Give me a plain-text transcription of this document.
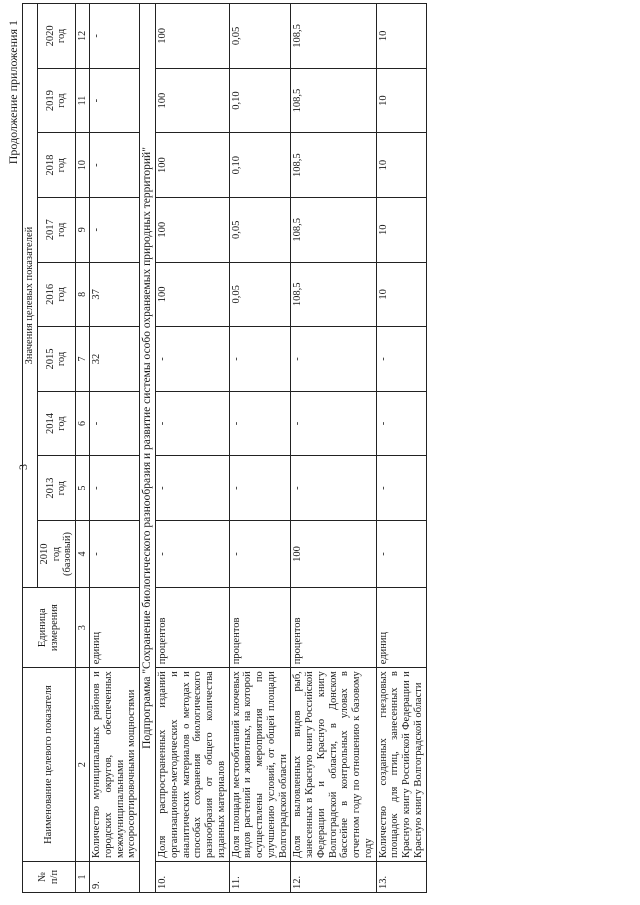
3
Продолжение приложения 1
№
п/п	Наименование целевого показателя	Единица измерения	Значения целевых показателей								
			2010
год
(базовый)	2013
год	2014
год	2015
год	2016
год	2017
год	2018
год	2019
год	2020
год
1	2	3	4	5	6	7	8	9	10	11	12
9.	Количество муниципальных районов и городских округов, обеспеченных межмуниципальными мусоросортировочными мощностями	единиц	-	-	-	32	37	-	-	-	-
Подпрограмма "Сохранение биологического разнообразия и развитие системы особо охраняемых природных территорий"											
10.	Доля распространенных изданий организационно-методических и аналитических материалов о методах и способах сохранения биологического разнообразия от общего количества изданных материалов	процентов	-	-	-	-	100	100	100	100	100
11.	Доля площади местообитаний ключевых видов растений и животных, на которой осуществлены мероприятия по улучшению условий, от общей площади Волгоградской области	процентов	-	-	-	-	0,05	0,05	0,10	0,10	0,05
12.	Доля выловленных видов рыб, занесенных в Красную книгу Российской Федерации и Красную книгу Волгоградской области, в Донском бассейне в контрольных уловах в отчетном году по отношению к базовому году	процентов	100	-	-	-	108,5	108,5	108,5	108,5	108,5
13.	Количество созданных гнездовых площадок для птиц, занесенных в Красную книгу Российской Федерации и Красную книгу Волгоградской области	единиц	-	-	-	-	10	10	10	10	10
